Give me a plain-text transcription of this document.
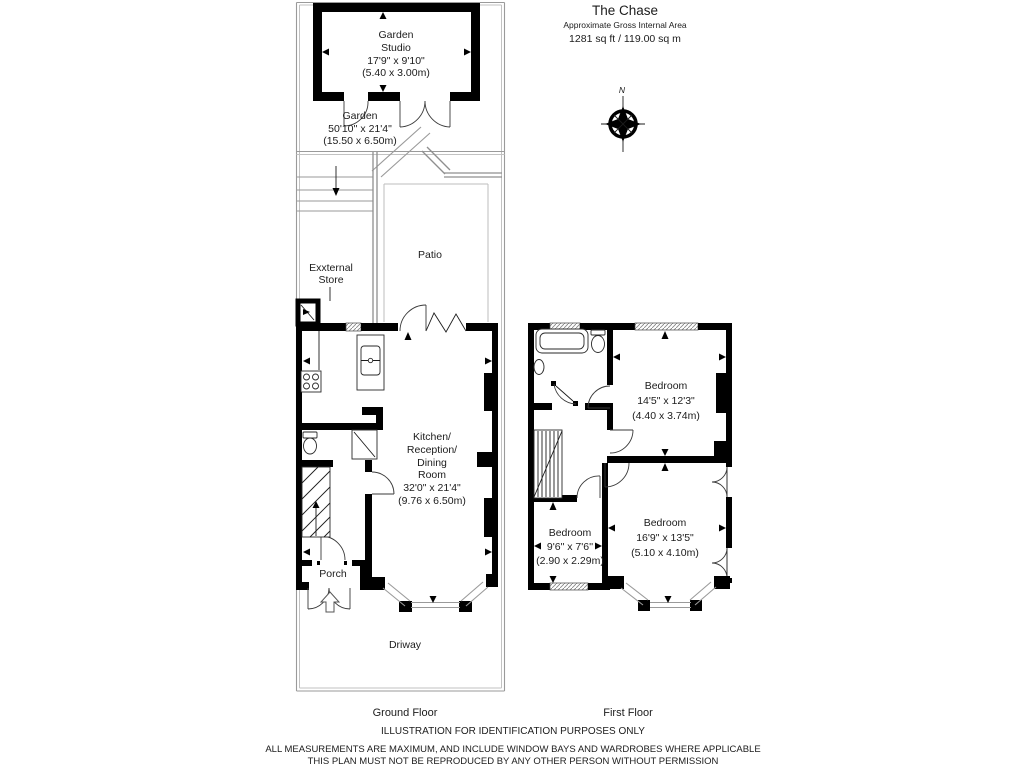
The Chase
Approximate Gross Internal Area
1281 sq ft / 119.00 sq m
N
Garden
Studio
17'9" x 9'10"
(5.40 x 3.00m)
Garden
50'10'' x 21'4"
(15.50 x 6.50m)
Patio
Exxternal
Store
Kitchen/
Reception/
Dining
Room
32'0" x 21'4"
(9.76 x 6.50m)
Porch
Driway
Ground Floor	First Floor
Bedroom
14'5" x 12'3"
(4.40 x 3.74m)
Bedroom
9'6" x 7'6''
(2.90 x 2.29m)
Bedroom
16'9" x 13'5"
(5.10 x 4.10m)
ILLUSTRATION FOR IDENTIFICATION PURPOSES ONLY
ALL MEASUREMENTS ARE MAXIMUM, AND INCLUDE WINDOW BAYS AND WARDROBES WHERE APPLICABLE
THIS PLAN MUST NOT BE REPRODUCED BY ANY OTHER PERSON WITHOUT PERMISSION
